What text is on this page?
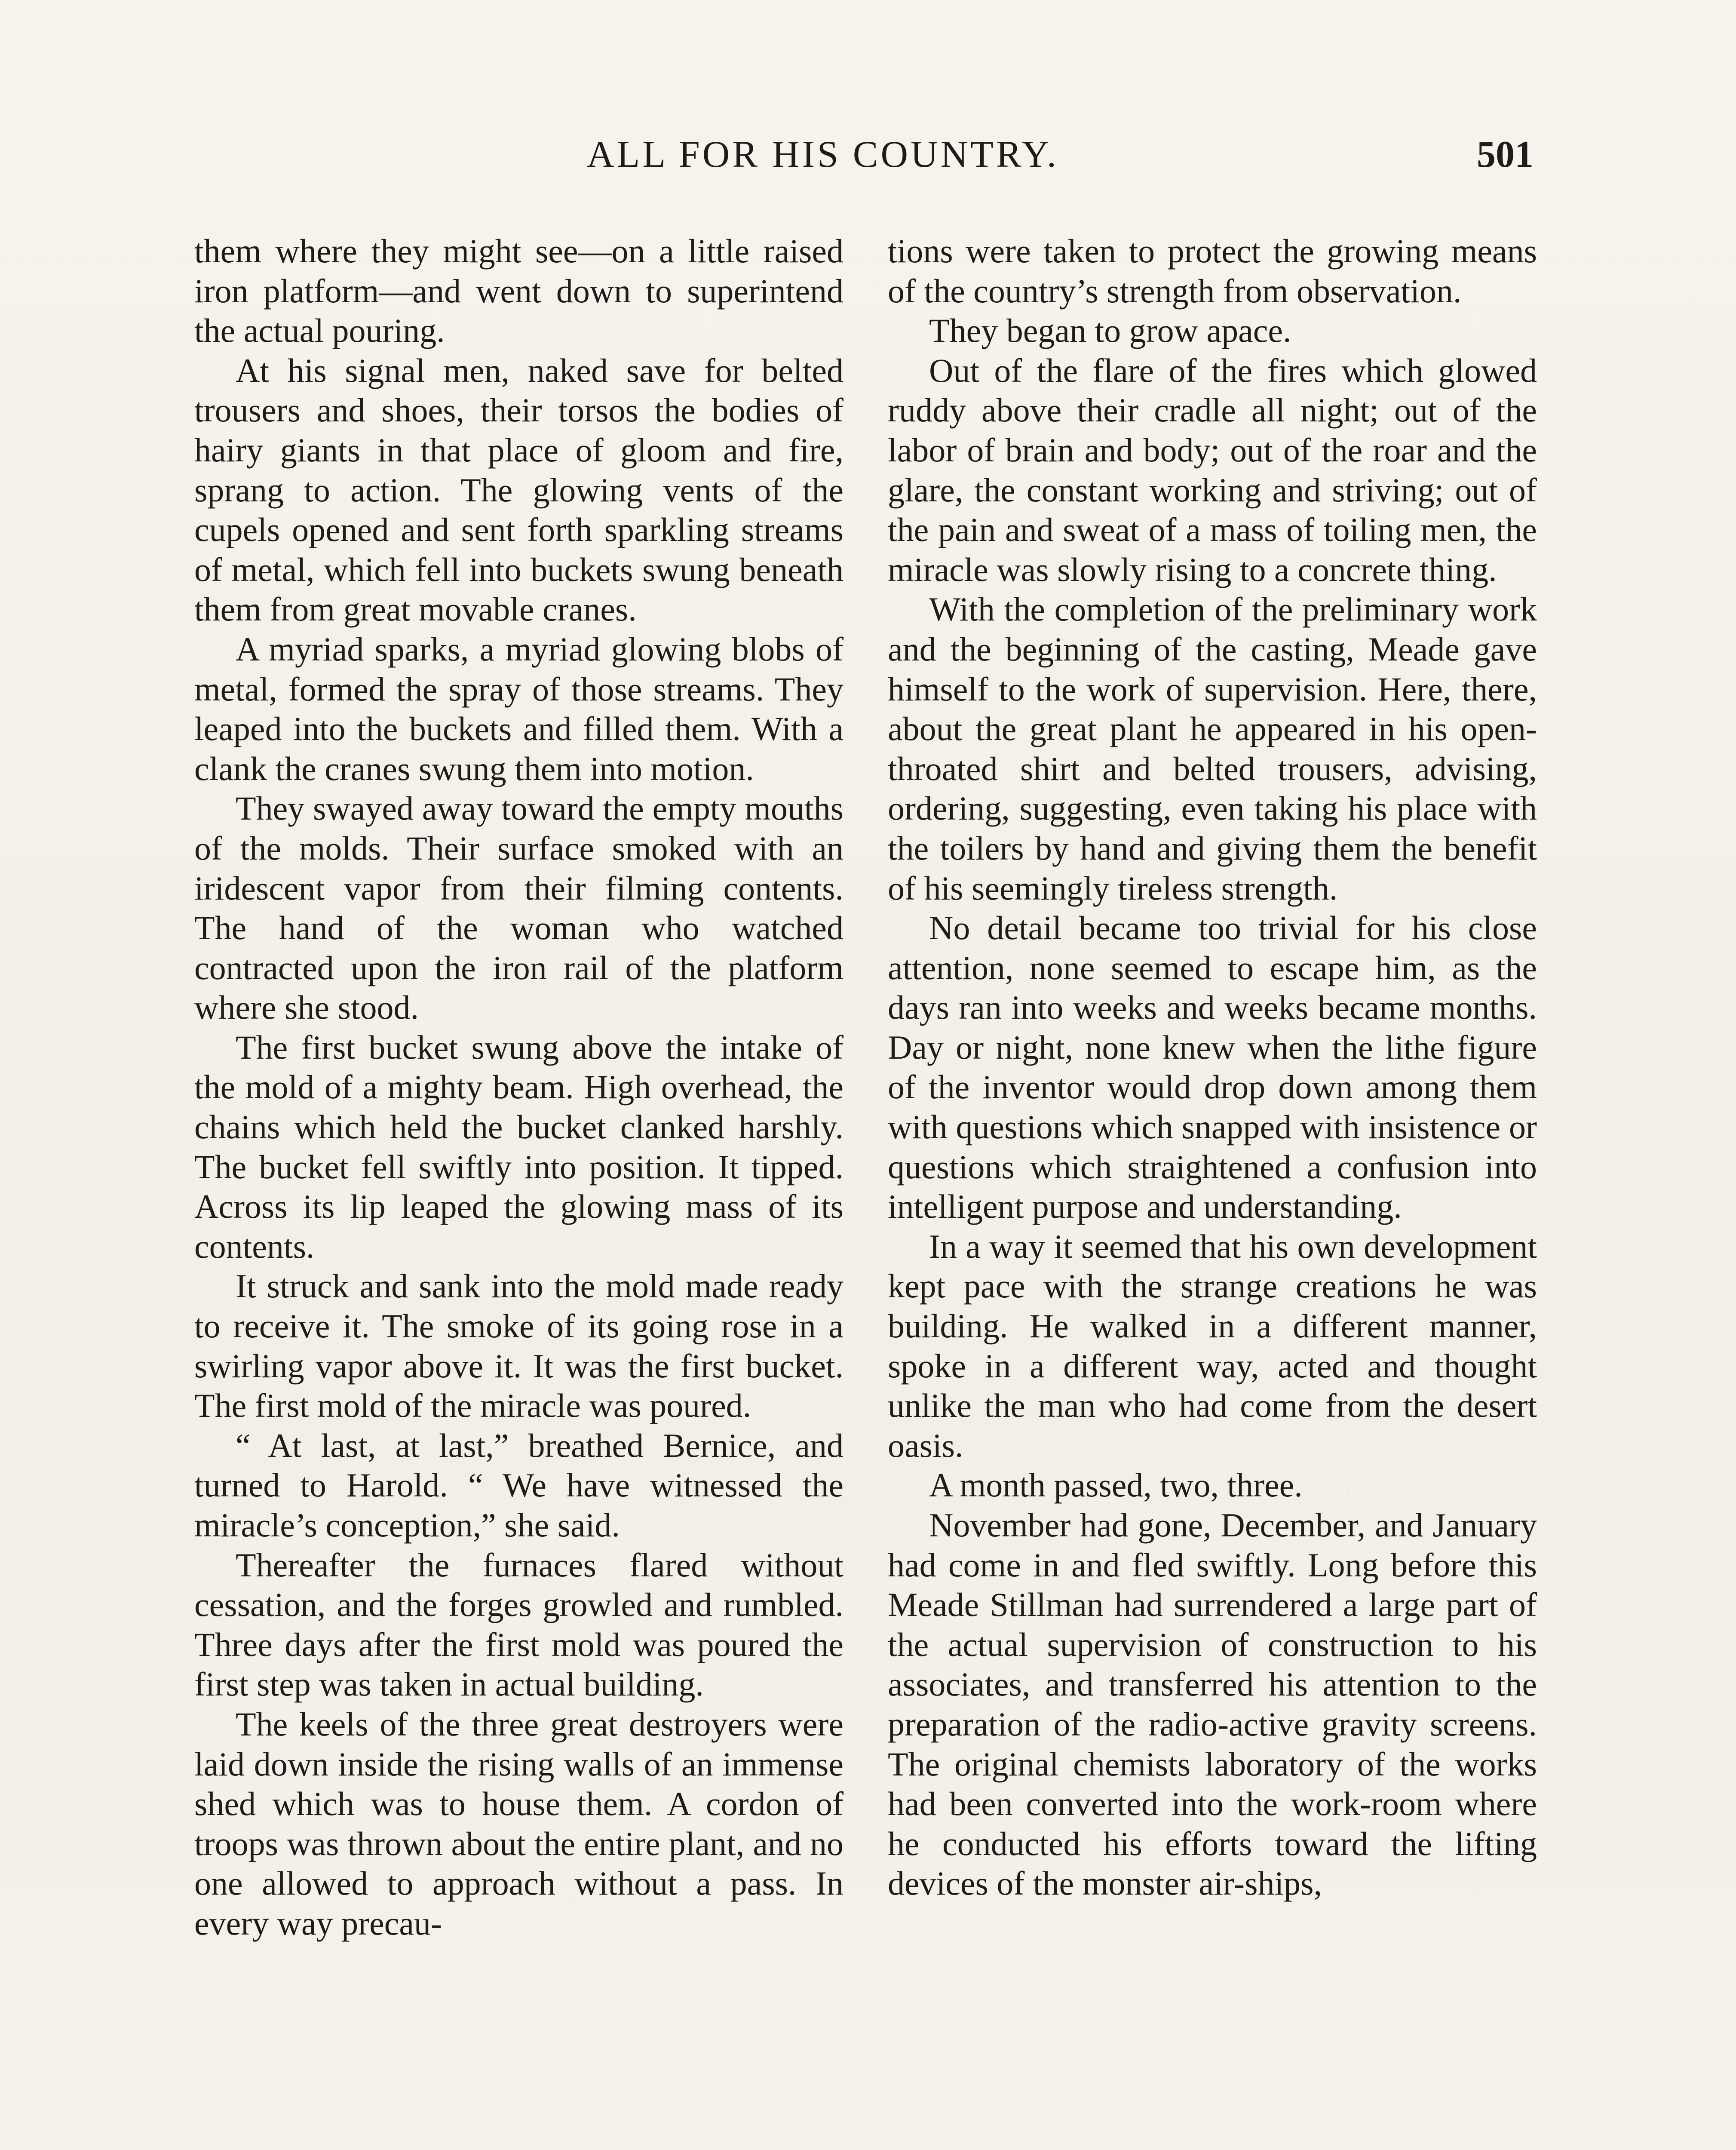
ALL FOR HIS COUNTRY.	501

them where they might see—on a little raised iron platform—and went down to superintend the actual pouring.

At his signal men, naked save for belted trousers and shoes, their torsos the bodies of hairy giants in that place of gloom and fire, sprang to action. The glowing vents of the cupels opened and sent forth sparkling streams of metal, which fell into buckets swung beneath them from great movable cranes.

A myriad sparks, a myriad glowing blobs of metal, formed the spray of those streams. They leaped into the buckets and filled them. With a clank the cranes swung them into motion.

They swayed away toward the empty mouths of the molds. Their surface smoked with an iridescent vapor from their filming contents. The hand of the woman who watched contracted upon the iron rail of the platform where she stood.

The first bucket swung above the intake of the mold of a mighty beam. High overhead, the chains which held the bucket clanked harshly. The bucket fell swiftly into position. It tipped. Across its lip leaped the glowing mass of its contents.

It struck and sank into the mold made ready to receive it. The smoke of its going rose in a swirling vapor above it. It was the first bucket. The first mold of the miracle was poured.

“ At last, at last,” breathed Bernice, and turned to Harold. “ We have witnessed the miracle’s conception,” she said.

Thereafter the furnaces flared without cessation, and the forges growled and rumbled. Three days after the first mold was poured the first step was taken in actual building.

The keels of the three great destroyers were laid down inside the rising walls of an immense shed which was to house them. A cordon of troops was thrown about the entire plant, and no one allowed to approach without a pass. In every way precau-

tions were taken to protect the growing means of the country’s strength from observation.

They began to grow apace.

Out of the flare of the fires which glowed ruddy above their cradle all night; out of the labor of brain and body; out of the roar and the glare, the constant working and striving; out of the pain and sweat of a mass of toiling men, the miracle was slowly rising to a concrete thing.

With the completion of the preliminary work and the beginning of the casting, Meade gave himself to the work of supervision. Here, there, about the great plant he appeared in his open-throated shirt and belted trousers, advising, ordering, suggesting, even taking his place with the toilers by hand and giving them the benefit of his seemingly tireless strength.

No detail became too trivial for his close attention, none seemed to escape him, as the days ran into weeks and weeks became months. Day or night, none knew when the lithe figure of the inventor would drop down among them with questions which snapped with insistence or questions which straightened a confusion into intelligent purpose and understanding.

In a way it seemed that his own development kept pace with the strange creations he was building. He walked in a different manner, spoke in a different way, acted and thought unlike the man who had come from the desert oasis.

A month passed, two, three.

November had gone, December, and January had come in and fled swiftly. Long before this Meade Stillman had surrendered a large part of the actual supervision of construction to his associates, and transferred his attention to the preparation of the radio-active gravity screens. The original chemists laboratory of the works had been converted into the work-room where he conducted his efforts toward the lifting devices of the monster air-ships,
